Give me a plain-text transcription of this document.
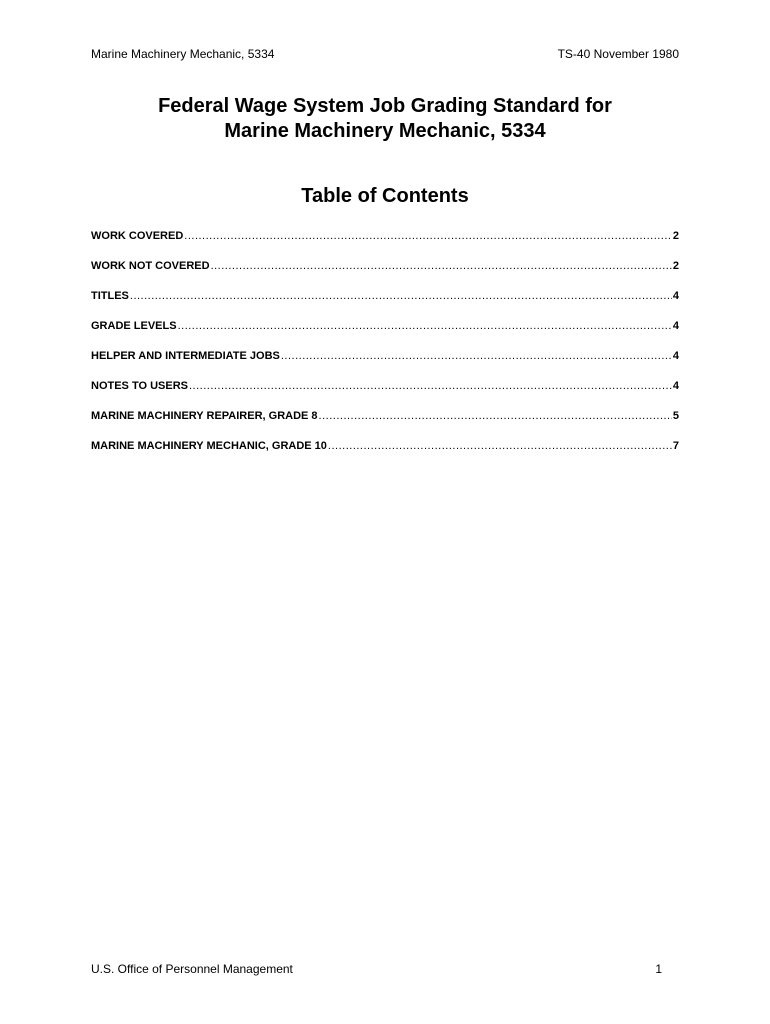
Marine Machinery Mechanic, 5334	TS-40 November 1980
Federal Wage System Job Grading Standard for
Marine Machinery Mechanic, 5334
Table of Contents
WORK COVERED .....	2
WORK NOT COVERED .....	2
TITLES .....	4
GRADE LEVELS .....	4
HELPER AND INTERMEDIATE JOBS .....	4
NOTES TO USERS .....	4
MARINE MACHINERY REPAIRER, GRADE 8 .....	5
MARINE MACHINERY MECHANIC, GRADE 10 .....	7
U.S. Office of Personnel Management	1
